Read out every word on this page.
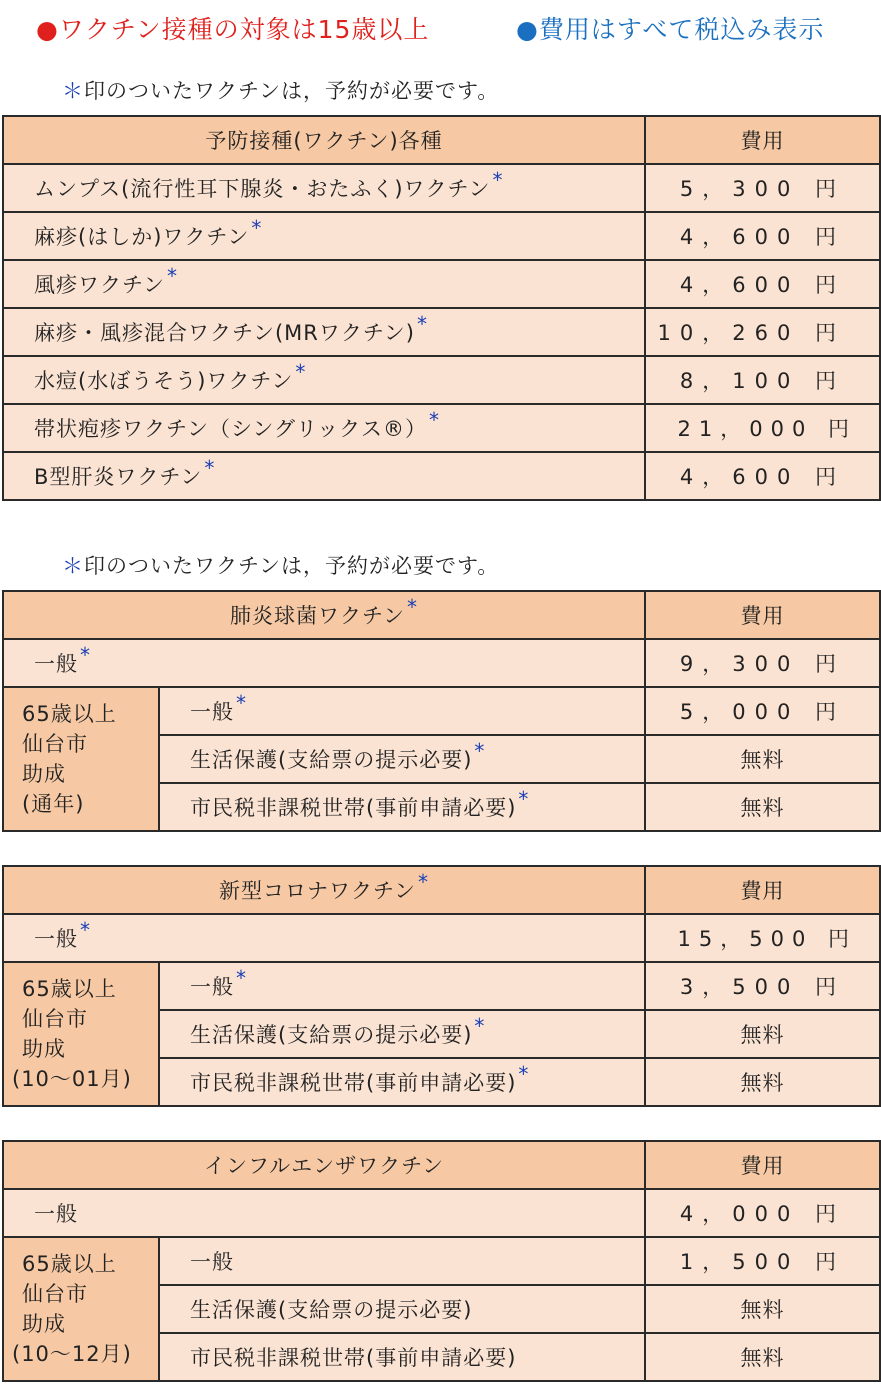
●ワクチン接種の対象は15歳以上	●費用はすべて税込み表示
＊印のついたワクチンは，予約が必要です。
予防接種(ワクチン)各種	費用
ムンプス(流行性耳下腺炎・おたふく)ワクチン *	5，300 円
麻疹(はしか)ワクチン *	4，600 円
風疹ワクチン *	4，600 円
麻疹・風疹混合ワクチン(MRワクチン) *	10，260 円
水痘(水ぼうそう)ワクチン *	8，100 円
帯状疱疹ワクチン（シングリックス®） *	21，000 円
B型肝炎ワクチン *	4，600 円
＊印のついたワクチンは，予約が必要です。
肺炎球菌ワクチン *		費用
一般 *		9，300 円

65歳以上
仙台市
助成
(通年)	一般 *	5，000 円
	生活保護(支給票の提示必要) *	無料
	市民税非課税世帯(事前申請必要) *	無料
新型コロナワクチン *		費用
一般 *		15，500 円

65歳以上
仙台市
助成
(10～01月)	一般 *	3，500 円
	生活保護(支給票の提示必要) *	無料
	市民税非課税世帯(事前申請必要) *	無料
インフルエンザワクチン		費用
一般		4，000 円

65歳以上
仙台市
助成
(10～12月)	一般	1，500 円
	生活保護(支給票の提示必要)	無料
	市民税非課税世帯(事前申請必要)	無料
